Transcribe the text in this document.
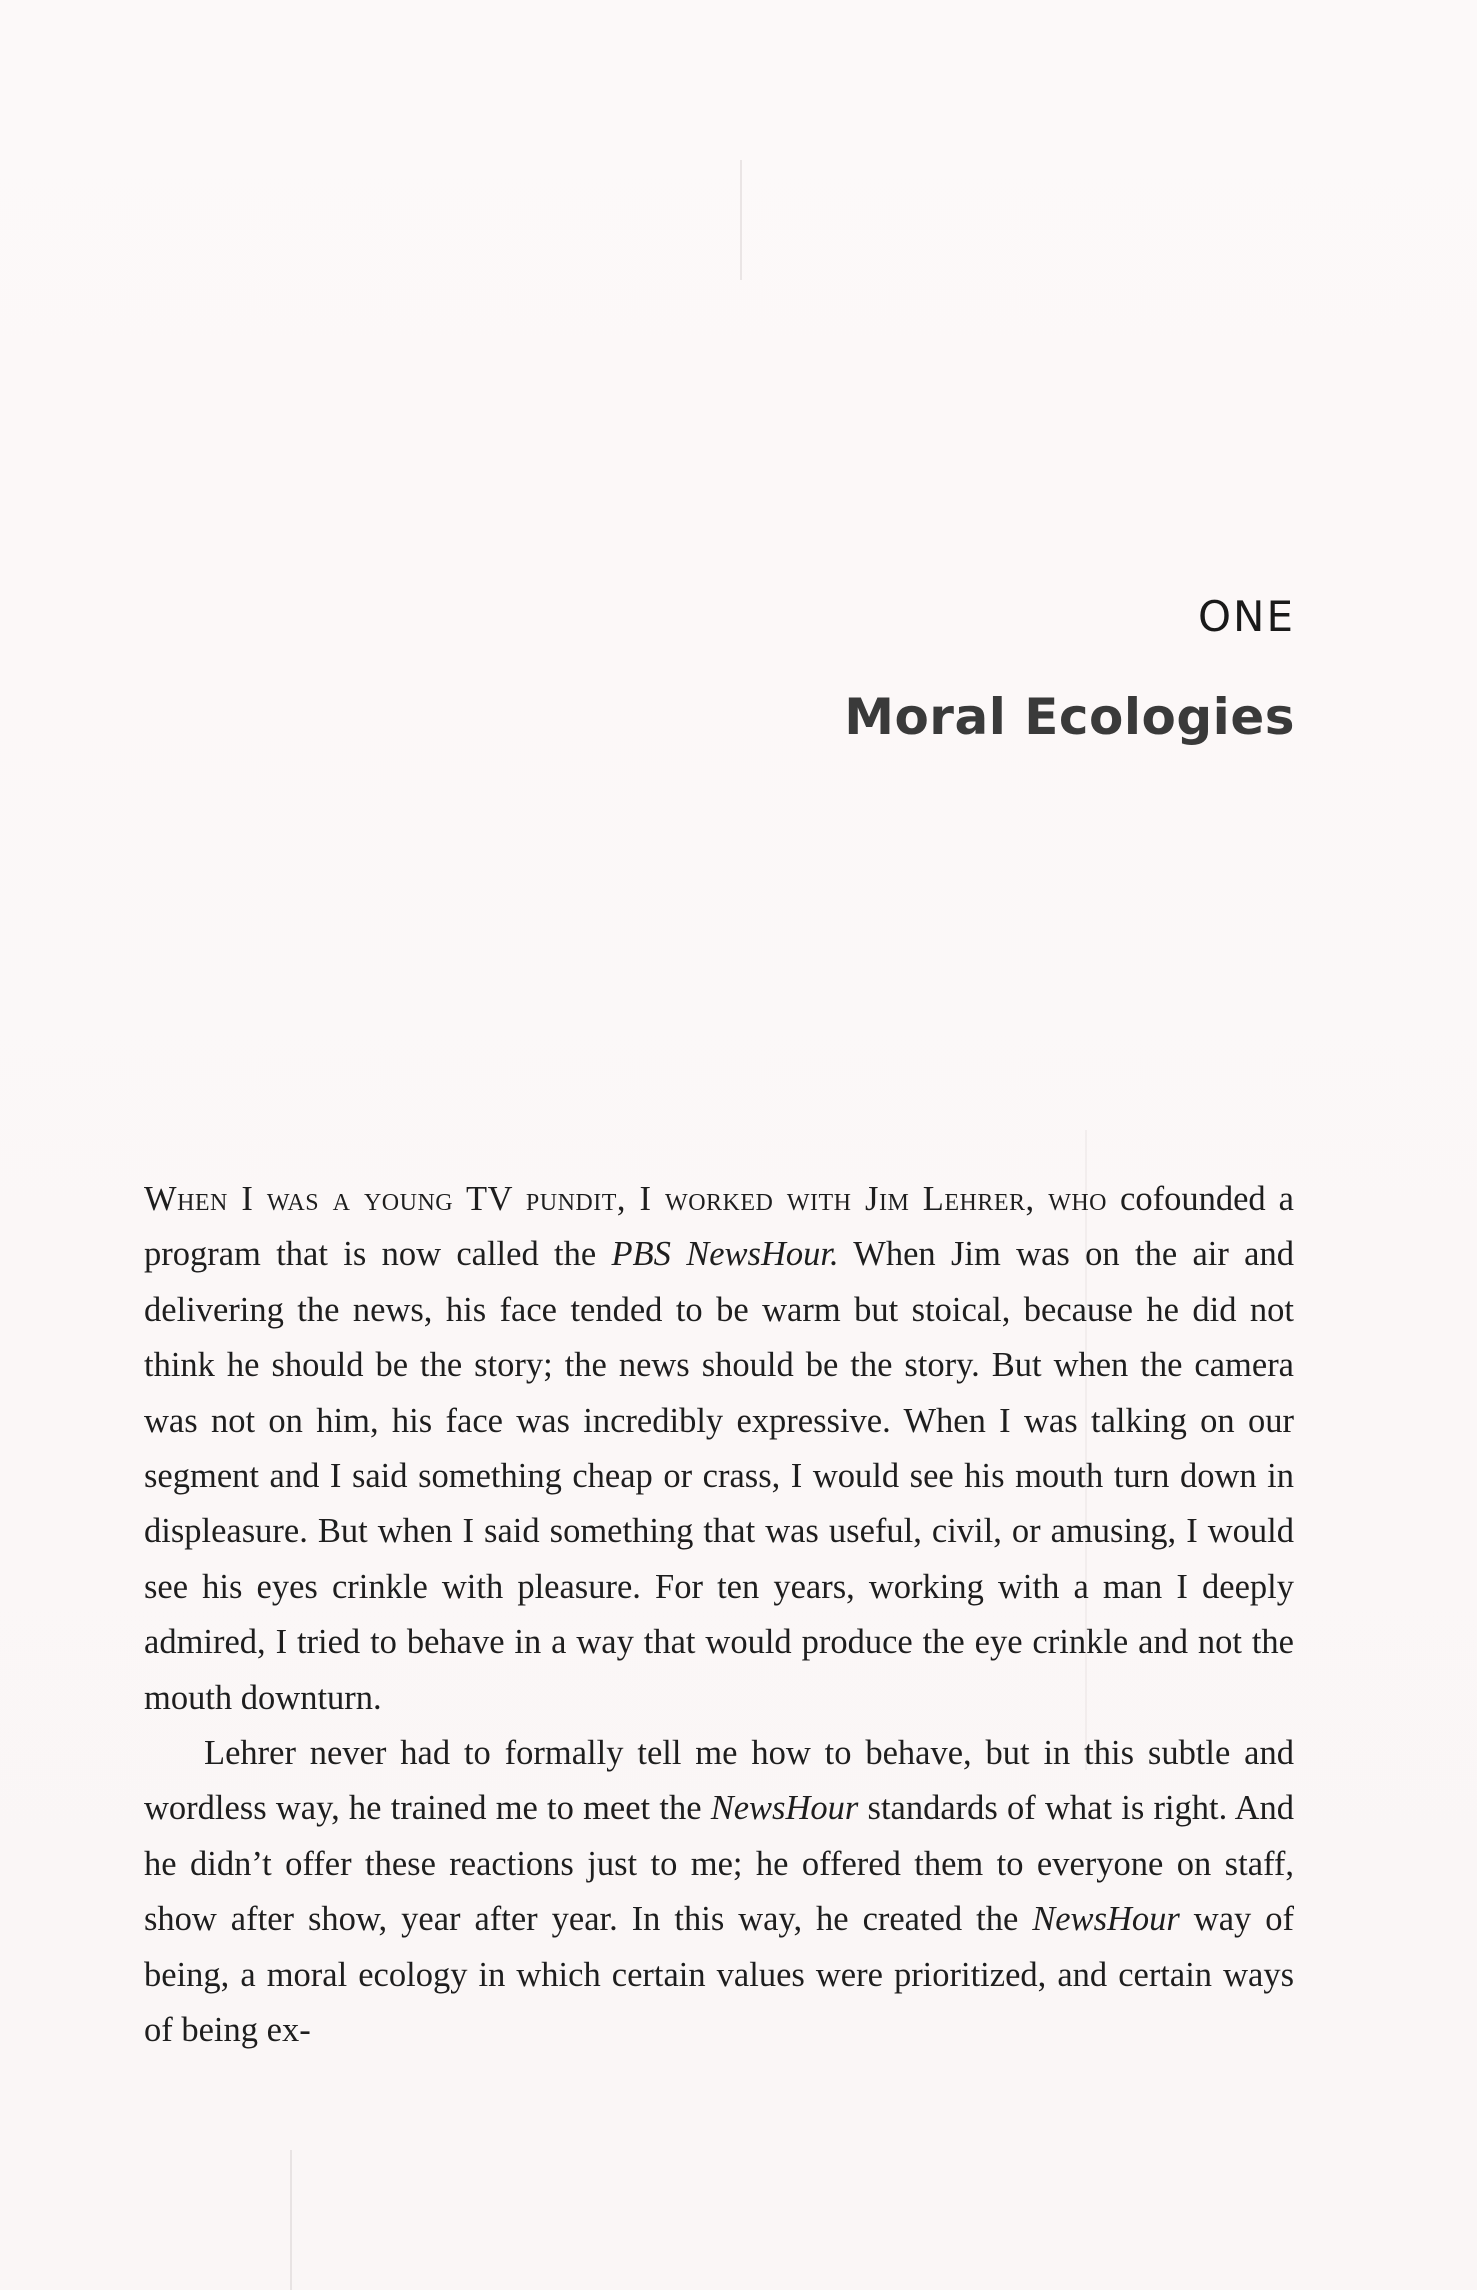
ONE
Moral Ecologies

When I was a young TV pundit, I worked with Jim Lehrer, who cofounded a program that is now called the PBS NewsHour. When Jim was on the air and delivering the news, his face tended to be warm but stoical, because he did not think he should be the story; the news should be the story. But when the camera was not on him, his face was incredibly expressive. When I was talking on our segment and I said something cheap or crass, I would see his mouth turn down in displeasure. But when I said something that was useful, civil, or amusing, I would see his eyes crinkle with pleasure. For ten years, working with a man I deeply admired, I tried to behave in a way that would produce the eye crinkle and not the mouth downturn.

Lehrer never had to formally tell me how to behave, but in this subtle and wordless way, he trained me to meet the NewsHour standards of what is right. And he didn’t offer these reactions just to me; he offered them to everyone on staff, show after show, year after year. In this way, he created the NewsHour way of being, a moral ecology in which certain values were prioritized, and certain ways of being ex-
